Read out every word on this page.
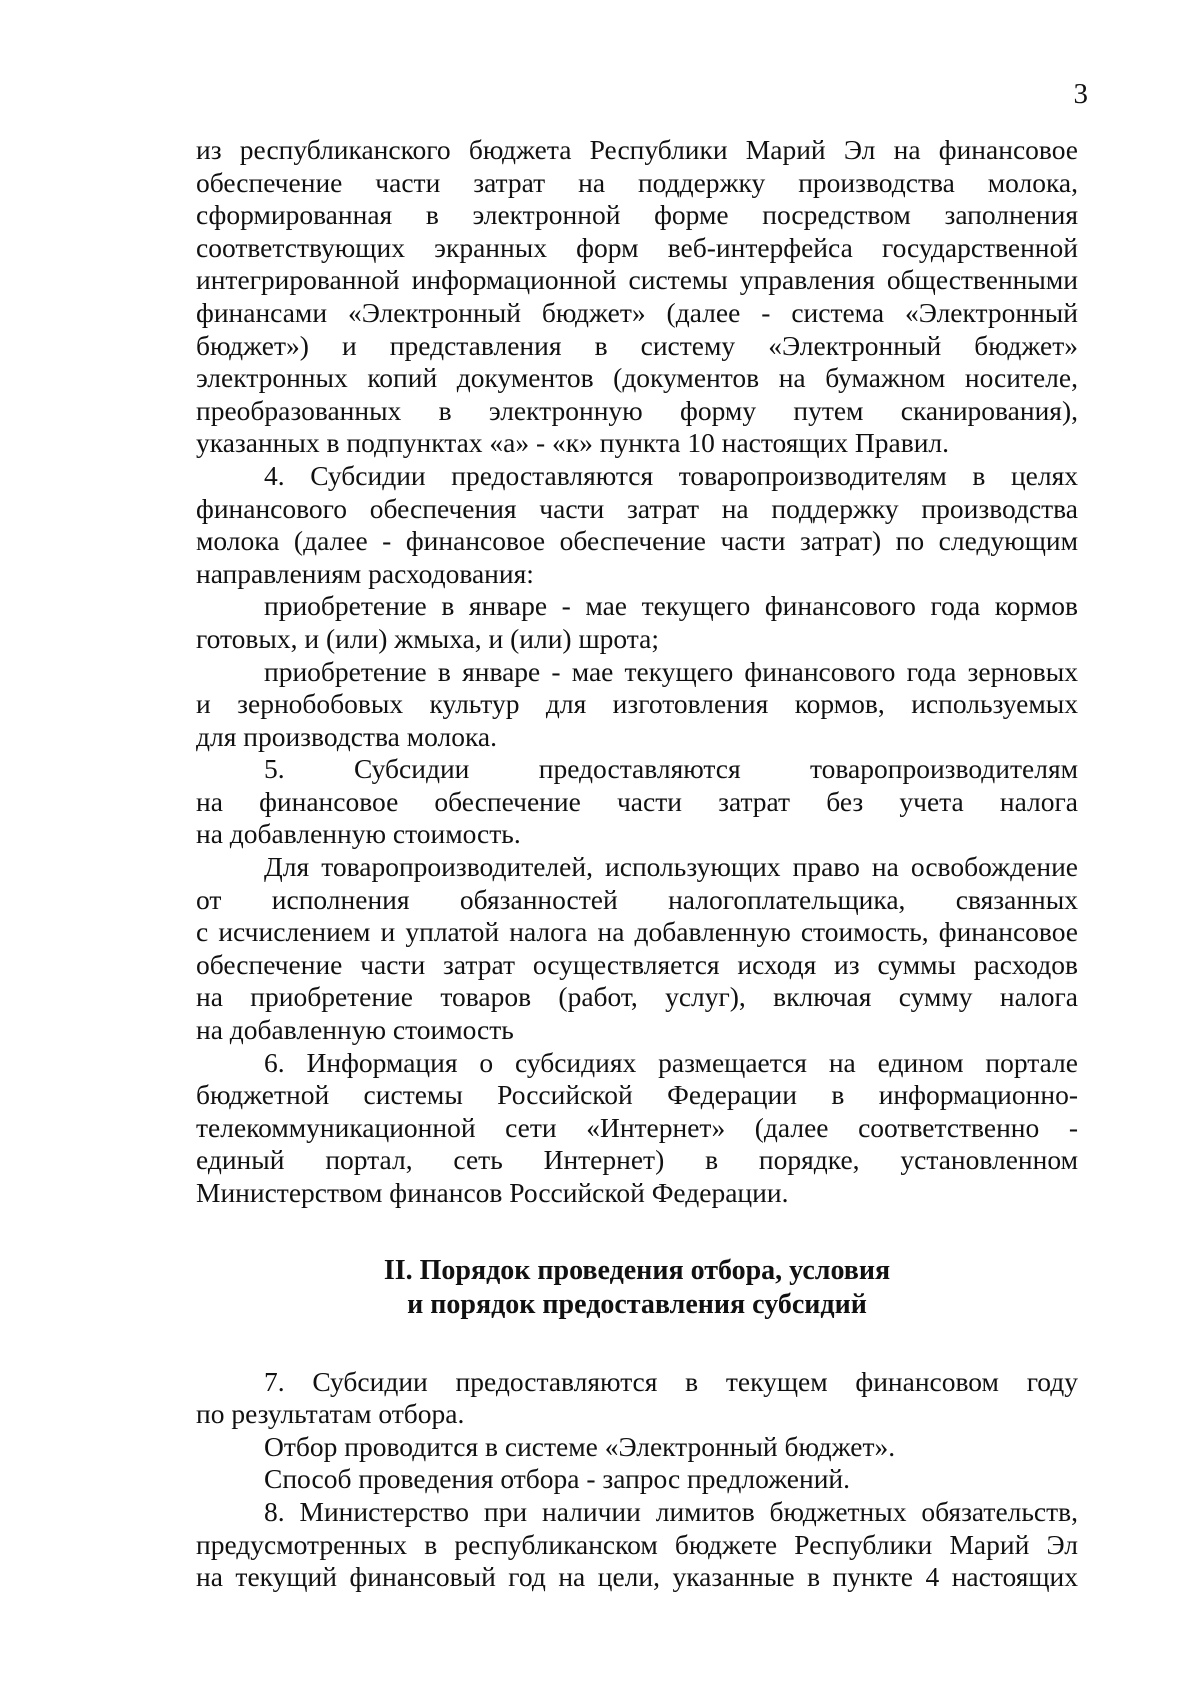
3

из республиканского бюджета Республики Марий Эл на финансовое

обеспечение части затрат на поддержку производства молока,

сформированная в электронной форме посредством заполнения

соответствующих экранных форм веб-интерфейса государственной

интегрированной информационной системы управления общественными

финансами «Электронный бюджет» (далее - система «Электронный

бюджет») и представления в систему «Электронный бюджет»

электронных копий документов (документов на бумажном носителе,

преобразованных в электронную форму путем сканирования),

указанных в подпунктах «а» - «к» пункта 10 настоящих Правил.

4. Субсидии предоставляются товаропроизводителям в целях

финансового обеспечения части затрат на поддержку производства

молока (далее - финансовое обеспечение части затрат) по следующим

направлениям расходования:

приобретение в январе - мае текущего финансового года кормов

готовых, и (или) жмыха, и (или) шрота;

приобретение в январе - мае текущего финансового года зерновых

и зернобобовых культур для изготовления кормов, используемых

для производства молока.

5. Субсидии предоставляются товаропроизводителям

на финансовое обеспечение части затрат без учета налога

на добавленную стоимость.

Для товаропроизводителей, использующих право на освобождение

от исполнения обязанностей налогоплательщика, связанных

с исчислением и уплатой налога на добавленную стоимость, финансовое

обеспечение части затрат осуществляется исходя из суммы расходов

на приобретение товаров (работ, услуг), включая сумму налога

на добавленную стоимость

6. Информация о субсидиях размещается на едином портале

бюджетной системы Российской Федерации в информационно-

телекоммуникационной сети «Интернет» (далее соответственно -

единый портал, сеть Интернет) в порядке, установленном

Министерством финансов Российской Федерации.

II. Порядок проведения отбора, условия
и порядок предоставления субсидий

7. Субсидии предоставляются в текущем финансовом году

по результатам отбора.

Отбор проводится в системе «Электронный бюджет».

Способ проведения отбора - запрос предложений.

8. Министерство при наличии лимитов бюджетных обязательств,

предусмотренных в республиканском бюджете Республики Марий Эл

на текущий финансовый год на цели, указанные в пункте 4 настоящих
